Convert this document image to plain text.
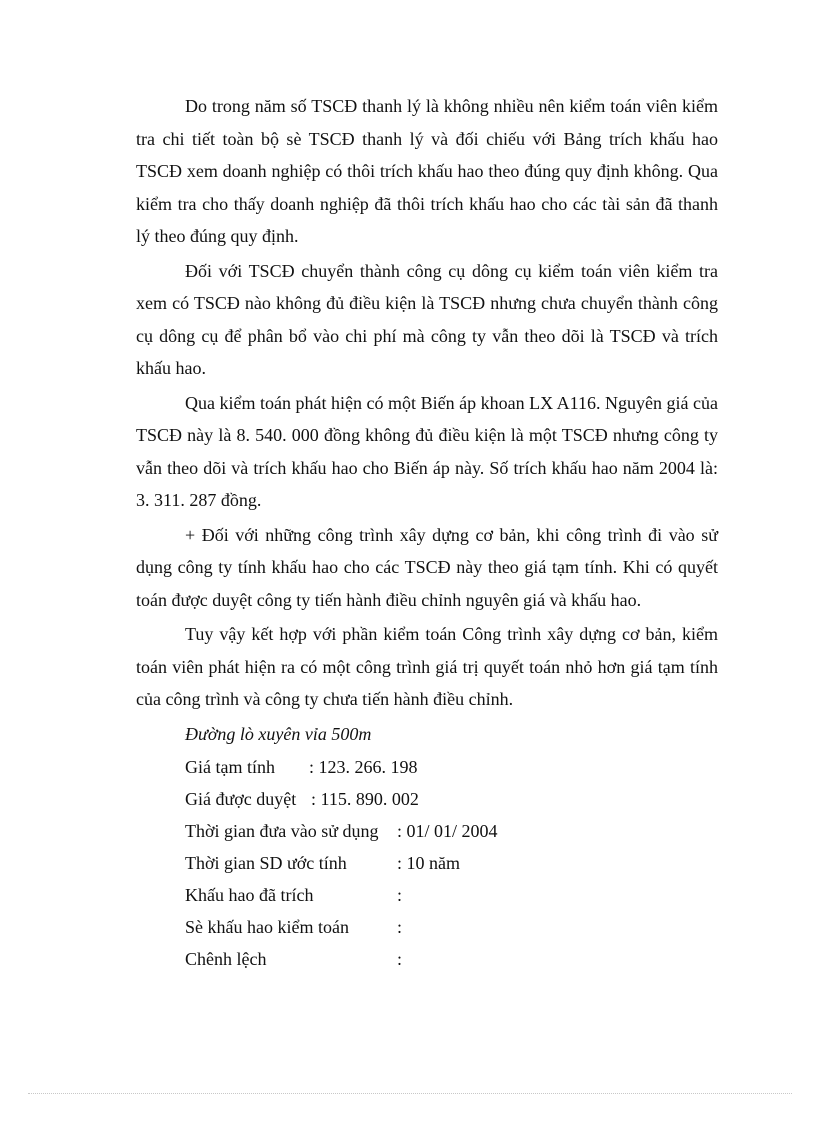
Do trong năm số TSCĐ thanh lý là không nhiều nên kiểm toán viên kiểm tra chi tiết toàn bộ sè TSCĐ thanh lý và đối chiếu với Bảng trích khấu hao TSCĐ xem doanh nghiệp có thôi trích khấu hao theo đúng quy định không. Qua kiểm tra cho thấy doanh nghiệp đã thôi trích khấu hao cho các tài sản đã thanh lý theo đúng quy định.

Đối với TSCĐ chuyển thành công cụ dông cụ kiểm toán viên kiểm tra xem có TSCĐ nào không đủ điều kiện là TSCĐ nhưng chưa chuyển thành công cụ dông cụ để phân bổ vào chi phí mà công ty vẫn theo dõi là TSCĐ và trích khấu hao.

Qua kiểm toán phát hiện có một Biến áp khoan LX A116. Nguyên giá của TSCĐ này là 8. 540. 000 đồng không đủ điều kiện là một TSCĐ nhưng công ty vẫn theo dõi và trích khấu hao cho Biến áp này. Số trích khấu hao năm 2004 là: 3. 311. 287 đồng.

+ Đối với những công trình xây dựng cơ bản, khi công trình đi vào sử dụng công ty tính khấu hao cho các TSCĐ này theo giá tạm tính. Khi có quyết toán được duyệt công ty tiến hành điều chỉnh nguyên giá và khấu hao.

Tuy vậy kết hợp với phần kiểm toán Công trình xây dựng cơ bản, kiểm toán viên phát hiện ra có một công trình giá trị quyết toán nhỏ hơn giá tạm tính của công trình và công ty chưa tiến hành điều chỉnh.

Đường lò xuyên vỉa 500m

Giá tạm tính : 123. 266. 198
Giá được duyệt : 115. 890. 002
Thời gian đưa vào sử dụng : 01/ 01/ 2004
Thời gian SD ước tính	: 10 năm
Khấu hao đã trích	:
Sè khấu hao kiểm toán	:
Chênh lệch	:
